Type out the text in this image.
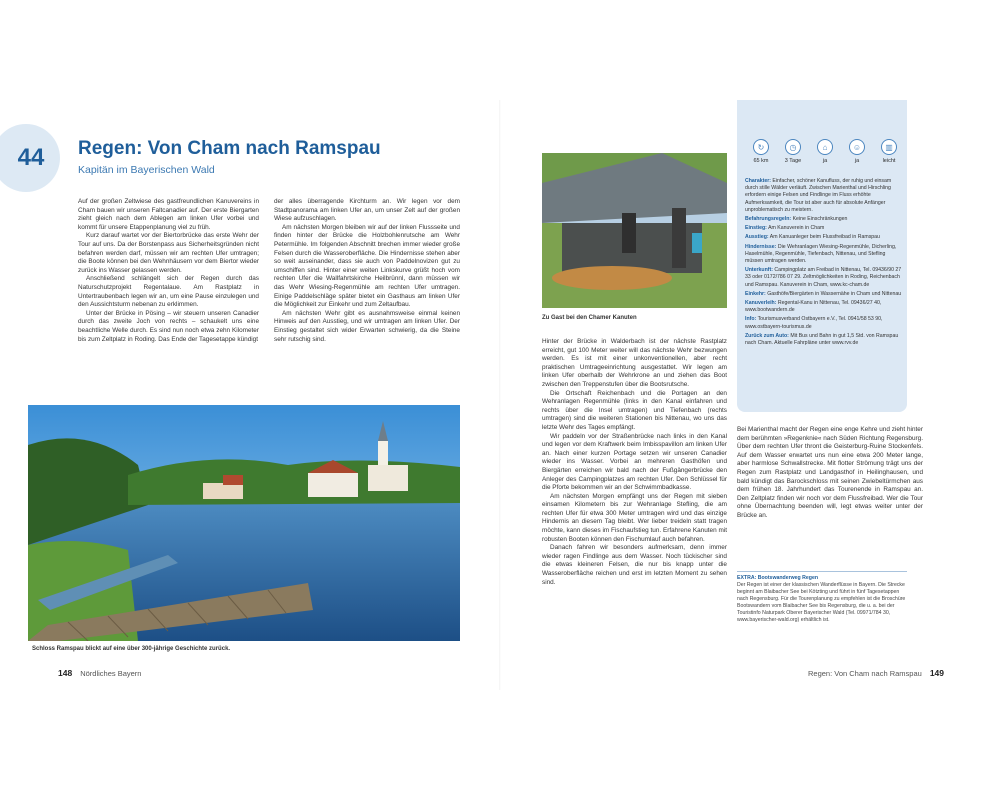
44 Regen: Von Cham nach Ramspau
Kapitän im Bayerischen Wald

Auf der großen Zeltwiese des gastfreundlichen Kanuvereins in Cham bauen wir unseren Faltcanadier auf. Der erste Biergarten zieht gleich nach dem Ablegen am linken Ufer vorbei und kommt für unsere Etappenplanung viel zu früh.

Kurz darauf wartet vor der Biertorbrücke das erste Wehr der Tour auf uns. Da der Borstenpass aus Sicherheitsgründen nicht befahren werden darf, müssen wir am rechten Ufer umtragen; die Boote können bei den Wehnhäusern vor dem Biertor wieder zurück ins Wasser gelassen werden.

Anschließend schlängelt sich der Regen durch das Naturschutzprojekt Regentalaue. Am Rastplatz in Untertraubenbach legen wir an, um eine Pause einzulegen und den Aussichtsturm nebenan zu erklimmen.

Unter der Brücke in Pösing – wir steuern unseren Canadier durch das zweite Joch von rechts – schaukelt uns eine beachtliche Welle durch. Es sind nun noch etwa zehn Kilometer bis zum Zeltplatz in Roding. Das Ende der Tagesetappe kündigt

der alles überragende Kirchturm an. Wir legen vor dem Stadtpanorama am linken Ufer an, um unser Zelt auf der großen Wiese aufzuschlagen.

Am nächsten Morgen bleiben wir auf der linken Flussseite und finden hinter der Brücke die Holzbohlenrutsche am Wehr Petermühle. Im folgenden Abschnitt brechen immer wieder große Felsen durch die Wasseroberfläche. Die Hindernisse stehen aber so weit auseinander, dass sie auch von Paddelnovizen gut zu umschiffen sind. Hinter einer weiten Linkskurve grüßt hoch vom rechten Ufer die Wallfahrtskirche Heilbrünnl, dann müssen wir das Wehr Wiesing-Regenmühle am rechten Ufer umtragen. Einige Paddelschläge später bietet ein Gasthaus am linken Ufer die Möglichkeit zur Einkehr und zum Zeltaufbau.

Am nächsten Wehr gibt es ausnahmsweise einmal keinen Hinweis auf den Ausstieg, und wir umtragen am linken Ufer. Der Einstieg gestaltet sich wider Erwarten schwierig, da die Steine sehr rutschig sind.

Schloss Ramspau blickt auf eine über 300-jährige Geschichte zurück.
Zu Gast bei den Chamer Kanuten

Hinter der Brücke in Walderbach ist der nächste Rastplatz erreicht, gut 100 Meter weiter will das nächste Wehr bezwungen werden. Es ist mit einer unkonventionellen, aber recht praktischen Umtrageeinrichtung ausgestattet. Wir legen am linken Ufer oberhalb der Wehrkrone an und ziehen das Boot zwischen den Treppenstufen über die Bootsrutsche.

Die Ortschaft Reichenbach und die Portagen an den Wehranlagen Regenmühle (links in den Kanal einfahren und rechts über die Insel umtragen) und Tiefenbach (rechts umtragen) sind die weiteren Stationen bis Nittenau, wo uns das letzte Wehr des Tages empfängt.

Wir paddeln vor der Straßenbrücke nach links in den Kanal und legen vor dem Kraftwerk beim Imbisspavillon am linken Ufer an. Nach einer kurzen Portage setzen wir unseren Canadier wieder ins Wasser. Vorbei an mehreren Gasthöfen und Biergärten erreichen wir bald nach der Fußgängerbrücke den Anleger des Campingplatzes am rechten Ufer. Den Schlüssel für die Pforte bekommen wir an der Schwimmbadkasse.

Am nächsten Morgen empfängt uns der Regen mit sieben einsamen Kilometern bis zur Wehranlage Stefling, die am rechten Ufer für etwa 300 Meter umtragen wird und das einzige Hindernis an diesem Tag bleibt. Wer lieber treideln statt tragen möchte, kann dieses im Fischaufstieg tun. Erfahrene Kanuten mit robusten Booten können den Fischumlauf auch befahren.

Danach fahren wir besonders aufmerksam, denn immer wieder ragen Findlinge aus dem Wasser. Noch tückischer sind die etwas kleineren Felsen, die nur bis knapp unter die Wasseroberfläche reichen und erst im letzten Moment zu sehen sind.

Bei Marienthal macht der Regen eine enge Kehre und zieht hinter dem berühmten »Regenknie« nach Süden Richtung Regensburg. Über dem rechten Ufer thront die Geisterburg-Ruine Stockenfels. Auf dem Wasser erwartet uns nun eine etwa 200 Meter lange, aber harmlose Schwallstrecke. Mit flotter Strömung trägt uns der Regen zum Rastplatz und Landgasthof in Heilinghausen, und bald kündigt das Barockschloss mit seinen Zwiebeltürmchen aus dem frühen 18. Jahrhundert das Tourenende in Ramspau an. Den Zeltplatz finden wir noch vor dem Flussfreibad. Wer die Tour ohne Übernachtung beenden will, legt etwas weiter unter der Brücke an.

↻
65 km
◷
3 Tage
⌂
ja
☺
ja
▥
leicht
Charakter: Einfacher, schöner Kanufluss, der ruhig und einsam durch stille Wälder verläuft. Zwischen Marienthal und Hirschling erfordern einige Felsen und Findlinge im Fluss erhöhte Aufmerksamkeit, die Tour ist aber auch für absolute Anfänger unproblematisch zu meistern.
Befahrungsregeln: Keine Einschränkungen
Einstieg: Am Kanuverein in Cham
Ausstieg: Am Kanuanleger beim Flussfreibad in Ramspau
Hindernisse: Die Wehranlagen Wiesing-Regenmühle, Dicherling, Haselmühle, Regenmühle, Tiefenbach, Nittenau, und Stefling müssen umtragen werden.
Unterkunft: Campingplatz am Freibad in Nittenau, Tel. 09436/90 27 33 oder 0172/786 07 29. Zeltmöglichkeiten in Roding, Reichenbach und Ramspau. Kanuverein in Cham, www.kc-cham.de
Einkehr: Gasthöfe/Biergärten in Wassernähe in Cham und Nittenau
Kanuverleih: Regental-Kanu in Nittenau, Tel. 09436/27 40, www.bootwandern.de
Info: Tourismusverband Ostbayern e.V., Tel. 0941/58 53 90, www.ostbayern-tourismus.de
Zurück zum Auto: Mit Bus und Bahn in gut 1,5 Std. von Ramspau nach Cham. Aktuelle Fahrpläne unter www.rvv.de
EXTRA: Bootswanderweg Regen
Der Regen ist einer der klassischen Wanderflüsse in Bayern. Die Strecke beginnt am Blaibacher See bei Kötzting und führt in fünf Tagesetappen nach Regensburg. Für die Tourenplanung zu empfehlen ist die Broschüre Bootswandern vom Blaibacher See bis Regensburg, die u. a. bei der Touristinfo Naturpark Oberer Bayerischer Wald (Tel. 09971/784 30, www.bayerischer-wald.org) erhältlich ist.
148 Nördliches Bayern	Regen: Von Cham nach Ramspau 149
